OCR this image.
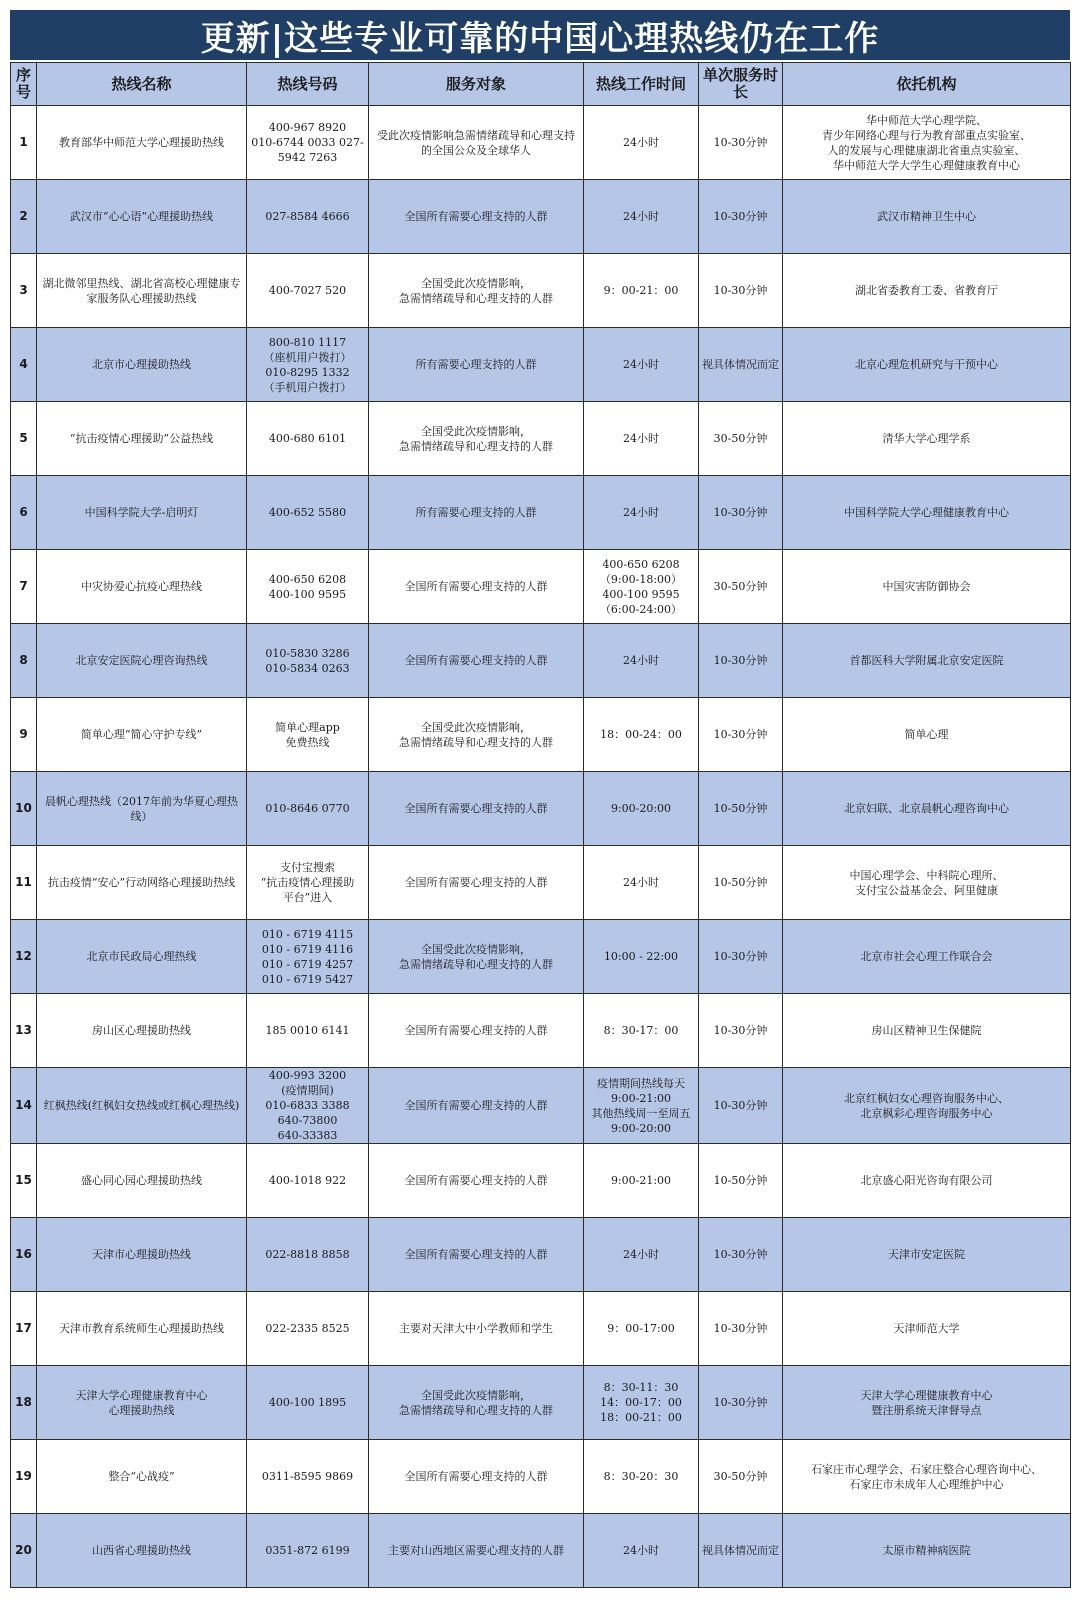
更新|这些专业可靠的中国心理热线仍在工作
序号	热线名称	热线号码	服务对象	热线工作时间	单次服务时长	依托机构
1	教育部华中师范大学心理援助热线	400-967 8920
010-6744 0033 027-5942 7263	受此次疫情影响急需情绪疏导和心理支持的全国公众及全球华人	24小时	10-30分钟	华中师范大学心理学院、
青少年网络心理与行为教育部重点实验室、
人的发展与心理健康湖北省重点实验室、
华中师范大学大学生心理健康教育中心
2	武汉市“心心语”心理援助热线	027-8584 4666	全国所有需要心理支持的人群	24小时	10-30分钟	武汉市精神卫生中心
3	湖北微邻里热线、湖北省高校心理健康专家服务队心理援助热线	400-7027 520	全国受此次疫情影响，
急需情绪疏导和心理支持的人群	9：00-21：00	10-30分钟	湖北省委教育工委、省教育厅
4	北京市心理援助热线	800-810 1117
（座机用户拨打）
010-8295 1332
（手机用户拨打）	所有需要心理支持的人群	24小时	视具体情况而定	北京心理危机研究与干预中心
5	“抗击疫情心理援助”公益热线	400-680 6101	全国受此次疫情影响，
急需情绪疏导和心理支持的人群	24小时	30-50分钟	清华大学心理学系
6	中国科学院大学-启明灯	400-652 5580	所有需要心理支持的人群	24小时	10-30分钟	中国科学院大学心理健康教育中心
7	中灾协爱心抗疫心理热线	400-650 6208
400-100 9595	全国所有需要心理支持的人群	400-650 6208
（9:00-18:00）
400-100 9595
（6:00-24:00）	30-50分钟	中国灾害防御协会
8	北京安定医院心理咨询热线	010-5830 3286
010-5834 0263	全国所有需要心理支持的人群	24小时	10-30分钟	首都医科大学附属北京安定医院
9	简单心理“简心守护专线”	简单心理app
免费热线	全国受此次疫情影响，
急需情绪疏导和心理支持的人群	18：00-24：00	10-30分钟	简单心理
10	晨帆心理热线（2017年前为华夏心理热线）	010-8646 0770	全国所有需要心理支持的人群	9:00-20:00	10-50分钟	北京妇联、北京晨帆心理咨询中心
11	抗击疫情“安心”行动网络心理援助热线	支付宝搜索
“抗击疫情心理援助
平台”进入	全国所有需要心理支持的人群	24小时	10-50分钟	中国心理学会、中科院心理所、
支付宝公益基金会、阿里健康
12	北京市民政局心理热线	010 - 6719 4115
010 - 6719 4116
010 - 6719 4257
010 - 6719 5427	全国受此次疫情影响，
急需情绪疏导和心理支持的人群	10:00 - 22:00	10-30分钟	北京市社会心理工作联合会
13	房山区心理援助热线	185 0010 6141	全国所有需要心理支持的人群	8：30-17：00	10-30分钟	房山区精神卫生保健院
14	红枫热线(红枫妇女热线或红枫心理热线)	400-993 3200
(疫情期间)
010-6833 3388
640-73800
640-33383	全国所有需要心理支持的人群	疫情期间热线每天
9:00-21:00
其他热线周一至周五
9:00-20:00	10-30分钟	北京红枫妇女心理咨询服务中心、
北京枫彩心理咨询服务中心
15	盛心同心园心理援助热线	400-1018 922	全国所有需要心理支持的人群	9:00-21:00	10-50分钟	北京盛心阳光咨询有限公司
16	天津市心理援助热线	022-8818 8858	全国所有需要心理支持的人群	24小时	10-30分钟	天津市安定医院
17	天津市教育系统师生心理援助热线	022-2335 8525	主要对天津大中小学教师和学生	9：00-17:00	10-30分钟	天津师范大学
18	天津大学心理健康教育中心
心理援助热线	400-100 1895	全国受此次疫情影响，
急需情绪疏导和心理支持的人群	8：30-11：30
14：00-17：00
18：00-21：00	10-30分钟	天津大学心理健康教育中心
暨注册系统天津督导点
19	整合“心战疫”	0311-8595 9869	全国所有需要心理支持的人群	8：30-20：30	30-50分钟	石家庄市心理学会、石家庄整合心理咨询中心、
石家庄市未成年人心理维护中心
20	山西省心理援助热线	0351-872 6199	主要对山西地区需要心理支持的人群	24小时	视具体情况而定	太原市精神病医院
